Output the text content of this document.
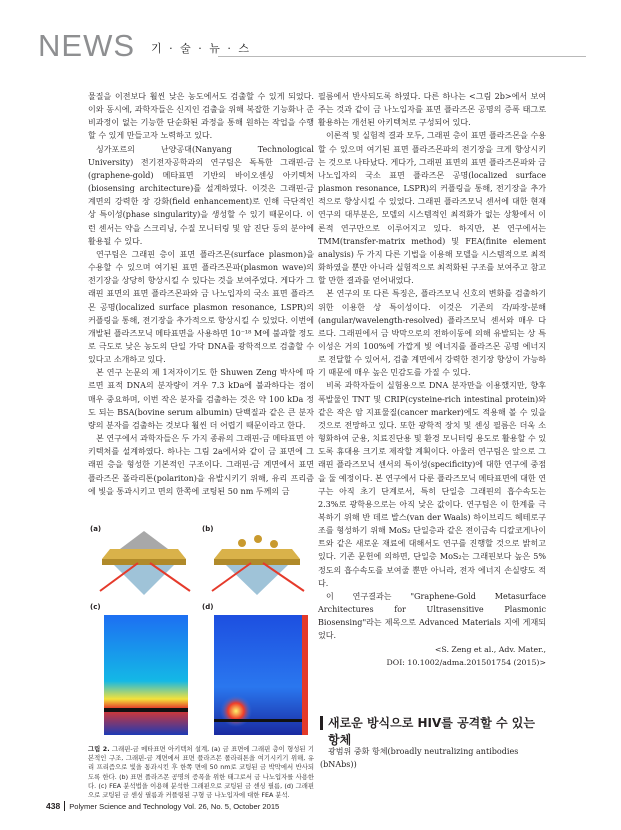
NEWS 기 · 술 · 뉴 · 스

물질을 이전보다 훨씬 낮은 농도에서도 검출할 수 있게 되었다. 이와 동시에, 과학자들은 신지인 검출을 위해 복잡한 기능화나 준비과정이 없는 기능한 단순화된 과정을 통해 원하는 작업을 수행할 수 있게 만들고자 노력하고 있다.

싱가포르의 난양공대(Nanyang Technological University) 전기전자공학과의 연구팀은 독특한 그래핀-금 (graphene-gold) 메타표면 기반의 바이오센싱 아키텍처(biosensing architecture)를 설계하였다. 이것은 그래핀-금 계면의 강력한 장 강화(field enhancement)로 인해 극단적인 상 특이성(phase singularity)을 생성할 수 있기 때문이다. 이런 센서는 약을 스크리닝, 수질 모니터링 및 암 진단 등의 분야에 활용될 수 있다.

연구팀은 그래핀 층이 표면 플라즈몬(surface plasmon)을 수용할 수 있으며 여기된 표면 플라즈몬파(plasmon wave)의 전기장을 상당히 향상시킬 수 있다는 것을 보여주었다. 게다가 그래핀 표면의 표면 플라즈몬파와 금 나노입자의 국소 표면 플라즈몬 공명(localized surface plasmon resonance, LSPR)의 커플링을 통해, 전기장을 추가적으로 향상시킬 수 있었다. 이번에 개발된 플라즈모닉 메타표면을 사용하면 10⁻¹⁸ M에 불과할 정도로 극도로 낮은 농도의 단일 가닥 DNA를 광학적으로 검출할 수 있다고 소개하고 있다.

본 연구 논문의 제 1저자이기도 한 Shuwen Zeng 박사에 따르면 표적 DNA의 분자량이 겨우 7.3 kDa에 불과하다는 점이 매우 중요하며, 이번 작은 분자를 검출하는 것은 약 100 kDa 정도 되는 BSA(bovine serum albumin) 단백질과 같은 큰 분자량의 분자를 검출하는 것보다 훨씬 더 어렵기 때문이라고 한다.

본 연구에서 과학자들은 두 가지 종류의 그래핀-금 메타표면 아키텍처를 설계하였다. 하나는 그림 2a에서와 같이 금 표면에 그래핀 층을 형성한 기본적인 구조이다. 그래핀-금 계면에서 표면 플라즈몬 폴라리톤(polariton)을 유발시키기 위해, 유리 프리즘에 빛을 통과시키고 면의 한쪽에 코팅된 50 nm 두께의 금

(a)	(b)
(c)	(d)
그림 2. 그래핀-금 메타표면 아키텍처 설계, (a) 금 표면에 그래핀 층이 형성된 기본적인 구조, 그래핀-금 계면에서 표면 플라즈몬 폴라리톤을 여기시키기 위해, 유리 프리즘으로 빛을 통과시킨 후 한쪽 면에 50 nm로 코팅된 금 박막에서 반사되도록 한다. (b) 표면 플라즈몬 공명의 증폭을 위한 태그로서 금 나노입자를 사용한다. (c) FEA 분석법을 이용해 분석한 그래핀으로 코팅된 금 센싱 필름, (d) 그래핀으로 코팅된 금 센싱 필름과 커플링된 구형 금 나노입자에 대한 FEA 분석.

필름에서 반사되도록 하였다. 다른 하나는 <그림 2b>에서 보여주는 것과 같이 금 나노입자를 표면 플라즈몬 공명의 증폭 태그로 활용하는 개선된 아키텍처로 구성되어 있다.

이론적 및 실험적 결과 모두, 그래핀 층이 표면 플라즈몬을 수용할 수 있으며 여기된 표면 플라즈몬파의 전기장을 크게 향상시키는 것으로 나타났다. 게다가, 그래핀 표면의 표면 플라즈몬파와 금 나노입자의 국소 표면 플라즈몬 공명(localized surface plasmon resonance, LSPR)의 커플링을 통해, 전기장을 추가적으로 향상시킬 수 있었다. 그래핀 플라즈모닉 센서에 대한 현재 연구의 대부분은, 모델의 시스템적인 최적화가 없는 상황에서 이론적 연구만으로 이루어지고 있다. 하지만, 본 연구에서는 TMM(transfer-matrix method) 및 FEA(finite element analysis) 두 가지 다른 기법을 이용해 모델을 시스템적으로 최적화하였을 뿐만 아니라 실험적으로 최적화된 구조를 보여주고 참고할 만한 결과를 얻어내었다.

본 연구의 또 다른 특징은, 플라즈모닉 신호의 변화를 검출하기 위한 이용한 상 특이성이다. 이것은 기존의 각/파장-분해(angular/wavelength-resolved) 플라즈모닉 센서와 매우 다르다. 그래핀에서 금 박막으로의 전하이동에 의해 유발되는 상 특이성은 거의 100%에 가깝게 빛 에너지를 플라즈몬 공명 에너지로 전달할 수 있어서, 검출 계면에서 강력한 전기장 향상이 가능하기 때문에 매우 높은 민감도를 가질 수 있다.

비록 과학자들이 실험용으로 DNA 분자만을 이용했지만, 향후 폭발물인 TNT 및 CRIP(cysteine-rich intestinal protein)와 같은 작은 암 지표물질(cancer marker)에도 적용해 볼 수 있을 것으로 전망하고 있다. 또한 광학적 장치 및 센싱 필름은 더욱 소형화하여 군용, 치료진단용 및 환경 모니터링 용도로 활용할 수 있도록 휴대용 크기로 제작할 계획이다. 아울러 연구팀은 앞으로 그래핀 플라즈모닉 센서의 특이성(specificity)에 대한 연구에 중점을 둘 예정이다. 본 연구에서 다룬 플라즈모닉 메타표면에 대한 연구는 아직 초기 단계로서, 특히 단일층 그래핀의 흡수속도는 2.3%로 광학용으로는 아직 낮은 값이다. 연구팀은 이 한계를 극복하기 위해 반 데르 발스(van der Waals) 하이브리드 헤테로구조를 형성하기 위해 MoS₂ 단일층과 같은 전이금속 디칼코게나이트와 같은 새로운 재료에 대해서도 연구를 진행할 것으로 밝히고 있다. 기존 문헌에 의하면, 단일층 MoS₂는 그래핀보다 높은 5% 정도의 흡수속도를 보여줄 뿐만 아니라, 전자 에너지 손실량도 적다.

이 연구결과는 "Graphene-Gold Metasurface Architectures for Ultrasensitive Plasmonic Biosensing"라는 제목으로 Advanced Materials 지에 게재되었다.

<S. Zeng et al., Adv. Mater.,
DOI: 10.1002/adma.201501754 (2015)>
새로운 방식으로 HIV를 공격할 수 있는 항체
광범위 중화 항체(broadly neutralizing antibodies (bNAbs))
438 Polymer Science and Technology Vol. 26, No. 5, October 2015
